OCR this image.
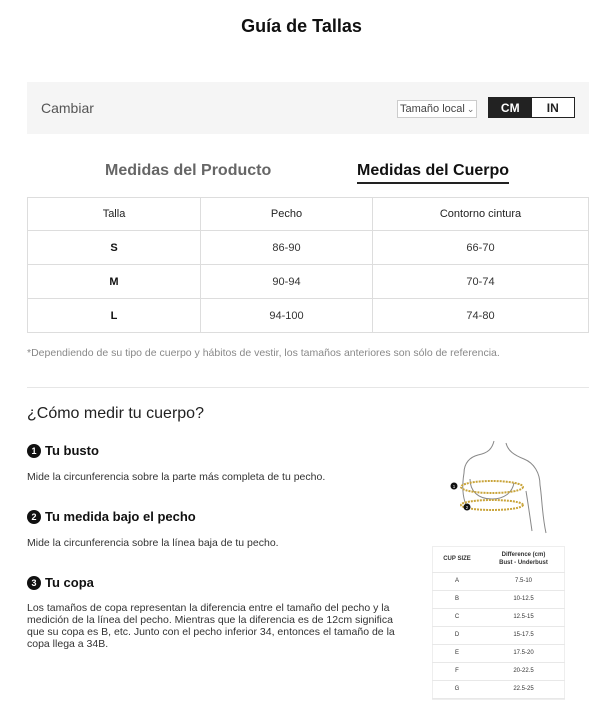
Guía de Tallas
Cambiar	Tamaño local ⌄	CM	IN
Medidas del Producto	Medidas del Cuerpo
Talla	Pecho	Contorno cintura
S	86-90	66-70
M	90-94	70-74
L	94-100	74-80
*Dependiendo de su tipo de cuerpo y hábitos de vestir, los tamaños anteriores son sólo de referencia.
¿Cómo medir tu cuerpo?
1 Tu busto
Mide la circunferencia sobre la parte más completa de tu pecho.
2 Tu medida bajo el pecho
Mide la circunferencia sobre la línea baja de tu pecho.
3 Tu copa
Los tamaños de copa representan la diferencia entre el tamaño del pecho y la medición de la línea del pecho. Mientras que la diferencia es de 12cm significa que su copa es B, etc. Junto con el pecho inferior 34, entonces el tamaño de la copa llega a 34B.
1
2
CUP SIZE	Difference (cm)
Bust - Underbust
A	7.5-10
B	10-12.5
C	12.5-15
D	15-17.5
E	17.5-20
F	20-22.5
G	22.5-25
